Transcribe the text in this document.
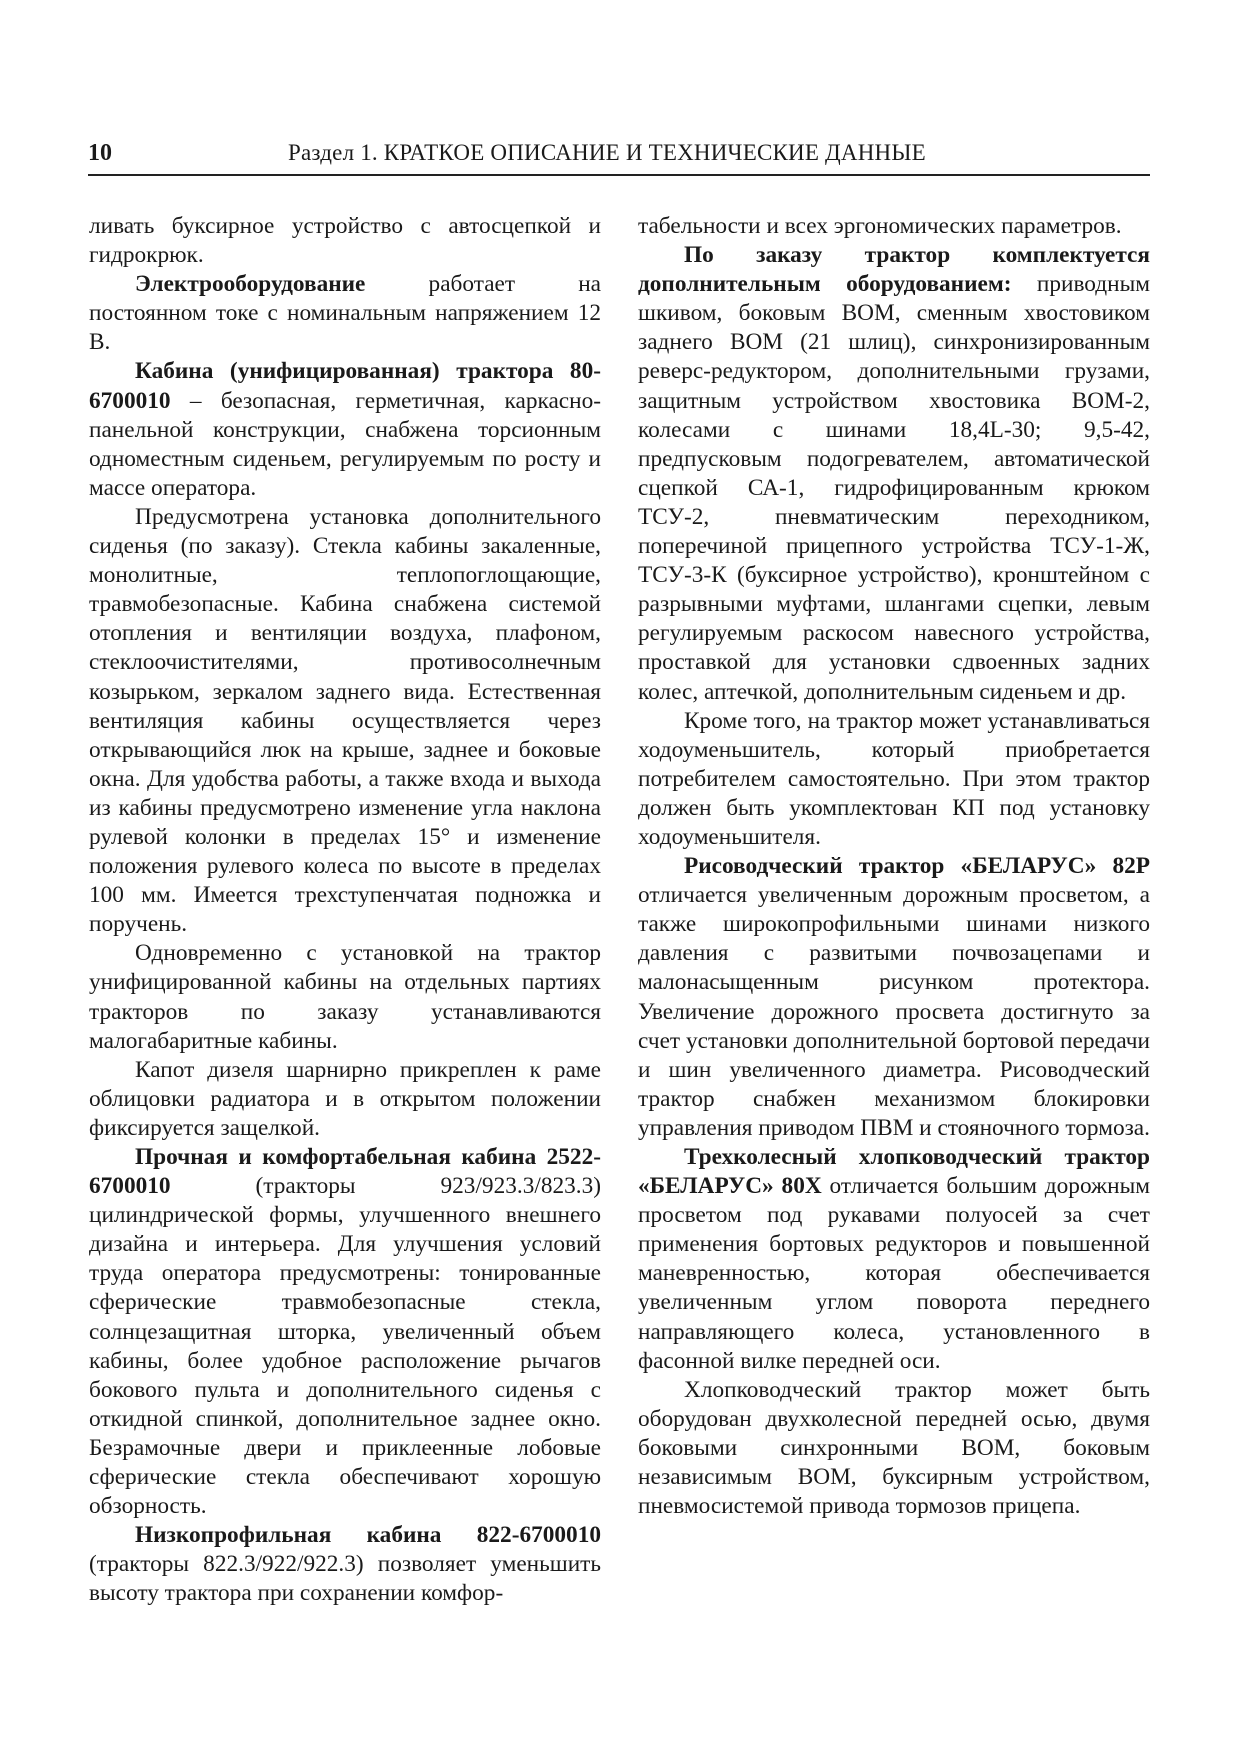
10	Раздел 1. КРАТКОЕ ОПИСАНИЕ И ТЕХНИЧЕСКИЕ ДАННЫЕ

ливать буксирное устройство с автосцепкой и гидрокрюк.

Электрооборудование работает на постоянном токе с номинальным напряжением 12 В.

Кабина (унифицированная) трактора 80-6700010 – безопасная, герметичная, каркасно-панельной конструкции, снабжена торсионным одноместным сиденьем, регулируемым по росту и массе оператора.

Предусмотрена установка дополнительного сиденья (по заказу). Стекла кабины закаленные, монолитные, теплопоглощающие, травмобезопасные. Кабина снабжена системой отопления и вентиляции воздуха, плафоном, стеклоочистителями, противосолнечным козырьком, зеркалом заднего вида. Естественная вентиляция кабины осуществляется через открывающийся люк на крыше, заднее и боковые окна. Для удобства работы, а также входа и выхода из кабины предусмотрено изменение угла наклона рулевой колонки в пределах 15° и изменение положения рулевого колеса по высоте в пределах 100 мм. Имеется трехступенчатая подножка и поручень.

Одновременно с установкой на трактор унифицированной кабины на отдельных партиях тракторов по заказу устанавливаются малогабаритные кабины.

Капот дизеля шарнирно прикреплен к раме облицовки радиатора и в открытом положении фиксируется защелкой.

Прочная и комфортабельная кабина 2522-6700010 (тракторы 923/923.3/823.3) цилиндрической формы, улучшенного внешнего дизайна и интерьера. Для улучшения условий труда оператора предусмотрены: тонированные сферические травмобезопасные стекла, солнцезащитная шторка, увеличенный объем кабины, более удобное расположение рычагов бокового пульта и дополнительного сиденья с откидной спинкой, дополнительное заднее окно. Безрамочные двери и приклеенные лобовые сферические стекла обеспечивают хорошую обзорность.

Низкопрофильная кабина 822-6700010 (тракторы 822.3/922/922.3) позволяет уменьшить высоту трактора при сохранении комфор-

табельности и всех эргономических параметров.

По заказу трактор комплектуется дополнительным оборудованием: приводным шкивом, боковым ВОМ, сменным хвостовиком заднего ВОМ (21 шлиц), синхронизированным реверс-редуктором, дополнительными грузами, защитным устройством хвостовика ВОМ-2, колесами с шинами 18,4L-30; 9,5-42, предпусковым подогревателем, автоматической сцепкой СА-1, гидрофицированным крюком ТСУ-2, пневматическим переходником, поперечиной прицепного устройства ТСУ-1-Ж, ТСУ-3-К (буксирное устройство), кронштейном с разрывными муфтами, шлангами сцепки, левым регулируемым раскосом навесного устройства, проставкой для установки сдвоенных задних колес, аптечкой, дополнительным сиденьем и др.

Кроме того, на трактор может устанавливаться ходоуменьшитель, который приобретается потребителем самостоятельно. При этом трактор должен быть укомплектован КП под установку ходоуменьшителя.

Рисоводческий трактор «БЕЛАРУС» 82Р отличается увеличенным дорожным просветом, а также широкопрофильными шинами низкого давления с развитыми почвозацепами и малонасыщенным рисунком протектора. Увеличение дорожного просвета достигнуто за счет установки дополнительной бортовой передачи и шин увеличенного диаметра. Рисоводческий трактор снабжен механизмом блокировки управления приводом ПВМ и стояночного тормоза.

Трехколесный хлопководческий трактор «БЕЛАРУС» 80Х отличается большим дорожным просветом под рукавами полуосей за счет применения бортовых редукторов и повышенной маневренностью, которая обеспечивается увеличенным углом поворота переднего направляющего колеса, установленного в фасонной вилке передней оси.

Хлопководческий трактор может быть оборудован двухколесной передней осью, двумя боковыми синхронными ВОМ, боковым независимым ВОМ, буксирным устройством, пневмосистемой привода тормозов прицепа.
